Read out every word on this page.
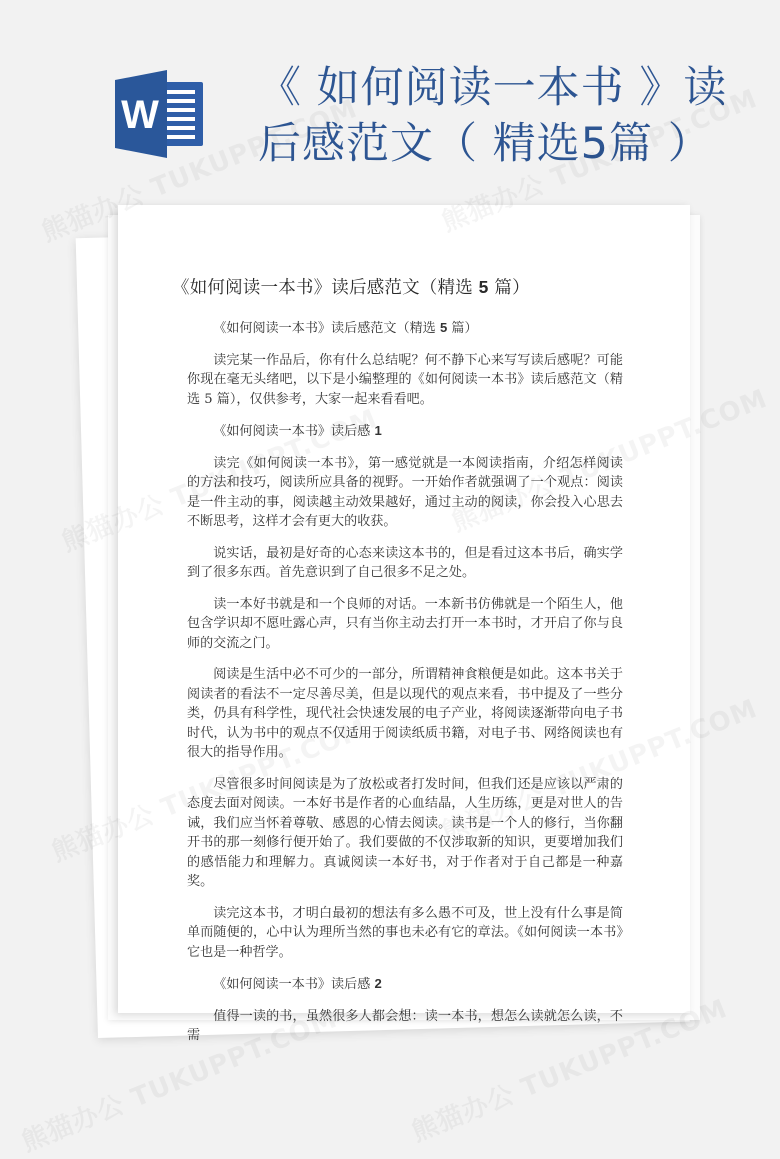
W
《 如何阅读一本书 》读
后感范文（ 精选5篇 ）
《如何阅读一本书》读后感范文（精选 5 篇）

《如何阅读一本书》读后感范文（精选 5 篇）

读完某一作品后，你有什么总结呢？何不静下心来写写读后感呢？可能你现在毫无头绪吧，以下是小编整理的《如何阅读一本书》读后感范文（精选 5 篇），仅供参考，大家一起来看看吧。

《如何阅读一本书》读后感 1

读完《如何阅读一本书》，第一感觉就是一本阅读指南，介绍怎样阅读的方法和技巧，阅读所应具备的视野。一开始作者就强调了一个观点：阅读是一件主动的事，阅读越主动效果越好，通过主动的阅读，你会投入心思去不断思考，这样才会有更大的收获。

说实话，最初是好奇的心态来读这本书的，但是看过这本书后，确实学到了很多东西。首先意识到了自己很多不足之处。

读一本好书就是和一个良师的对话。一本新书仿佛就是一个陌生人，他包含学识却不愿吐露心声，只有当你主动去打开一本书时，才开启了你与良师的交流之门。

阅读是生活中必不可少的一部分，所谓精神食粮便是如此。这本书关于阅读者的看法不一定尽善尽美，但是以现代的观点来看，书中提及了一些分类，仍具有科学性，现代社会快速发展的电子产业，将阅读逐渐带向电子书时代，认为书中的观点不仅适用于阅读纸质书籍，对电子书、网络阅读也有很大的指导作用。

尽管很多时间阅读是为了放松或者打发时间，但我们还是应该以严肃的态度去面对阅读。一本好书是作者的心血结晶，人生历练，更是对世人的告诫，我们应当怀着尊敬、感恩的心情去阅读。读书是一个人的修行，当你翻开书的那一刻修行便开始了。我们要做的不仅涉取新的知识，更要增加我们的感悟能力和理解力。真诚阅读一本好书，对于作者对于自己都是一种嘉奖。

读完这本书，才明白最初的想法有多么愚不可及，世上没有什么事是简单而随便的，心中认为理所当然的事也未必有它的章法。《如何阅读一本书》它也是一种哲学。

《如何阅读一本书》读后感 2

值得一读的书，虽然很多人都会想：读一本书，想怎么读就怎么读，不需
